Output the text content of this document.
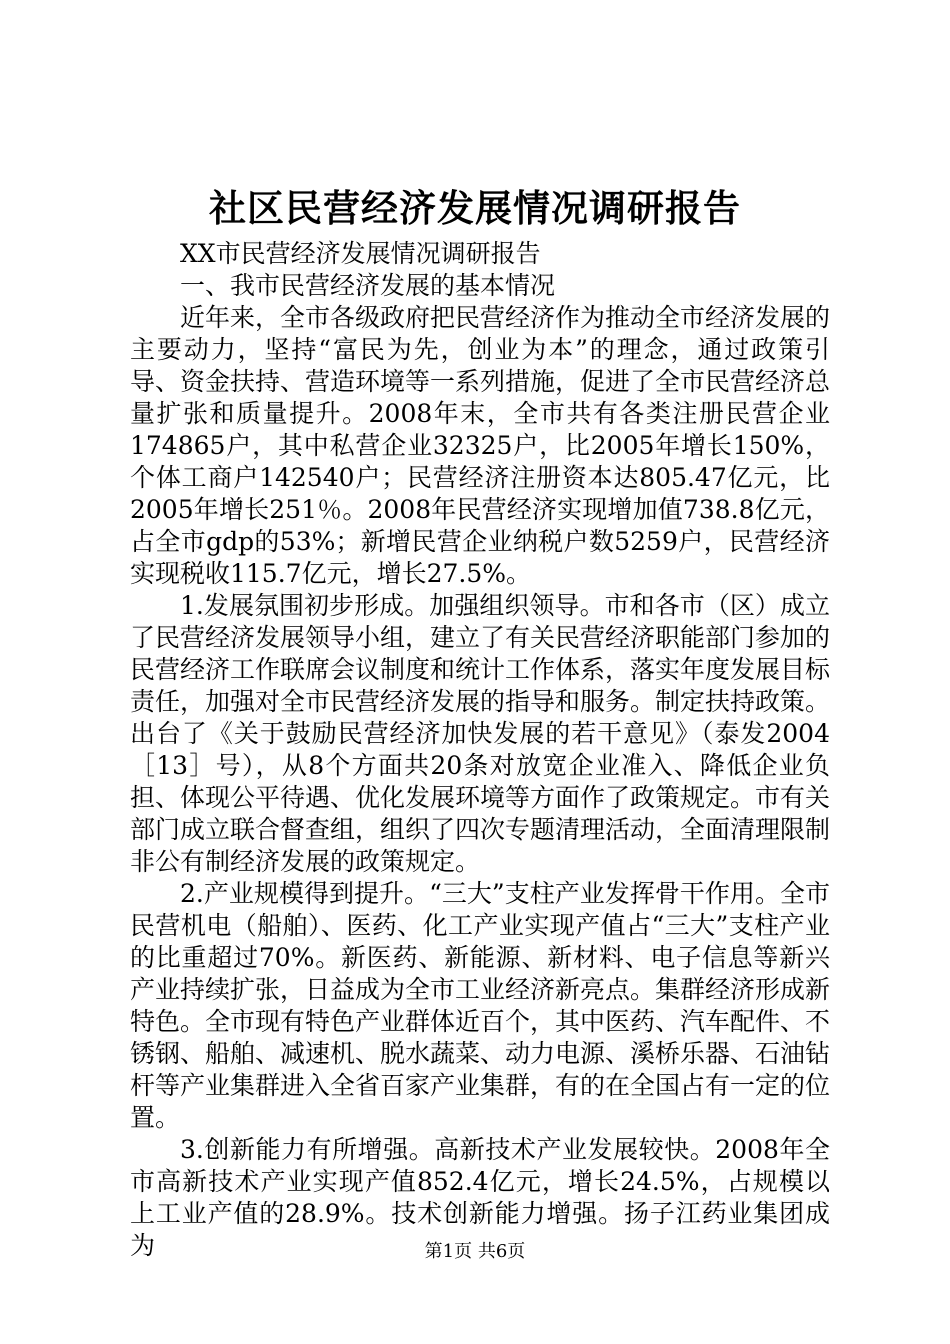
社区民营经济发展情况调研报告

XX市民营经济发展情况调研报告

一、我市民营经济发展的基本情况

近年来，全市各级政府把民营经济作为推动全市经济发展的主要动力，坚持“富民为先，创业为本”的理念，通过政策引导、资金扶持、营造环境等一系列措施，促进了全市民营经济总量扩张和质量提升。2008年末，全市共有各类注册民营企业174865户，其中私营企业32325户，比2005年增长150%，个体工商户142540户；民营经济注册资本达805.47亿元，比2005年增长251％。2008年民营经济实现增加值738.8亿元，占全市gdp的53%；新增民营企业纳税户数5259户，民营经济实现税收115.7亿元，增长27.5%。

1.发展氛围初步形成。加强组织领导。市和各市（区）成立了民营经济发展领导小组，建立了有关民营经济职能部门参加的民营经济工作联席会议制度和统计工作体系，落实年度发展目标责任，加强对全市民营经济发展的指导和服务。制定扶持政策。出台了《关于鼓励民营经济加快发展的若干意见》（泰发2004［13］号），从8个方面共20条对放宽企业准入、降低企业负担、体现公平待遇、优化发展环境等方面作了政策规定。市有关部门成立联合督查组，组织了四次专题清理活动，全面清理限制非公有制经济发展的政策规定。

2.产业规模得到提升。“三大”支柱产业发挥骨干作用。全市民营机电（船舶）、医药、化工产业实现产值占“三大”支柱产业的比重超过70%。新医药、新能源、新材料、电子信息等新兴产业持续扩张，日益成为全市工业经济新亮点。集群经济形成新特色。全市现有特色产业群体近百个，其中医药、汽车配件、不锈钢、船舶、减速机、脱水蔬菜、动力电源、溪桥乐器、石油钻杆等产业集群进入全省百家产业集群，有的在全国占有一定的位置。

3.创新能力有所增强。高新技术产业发展较快。2008年全市高新技术产业实现产值852.4亿元，增长24.5%，占规模以上工业产值的28.9%。技术创新能力增强。扬子江药业集团成为	第1页 共6页
